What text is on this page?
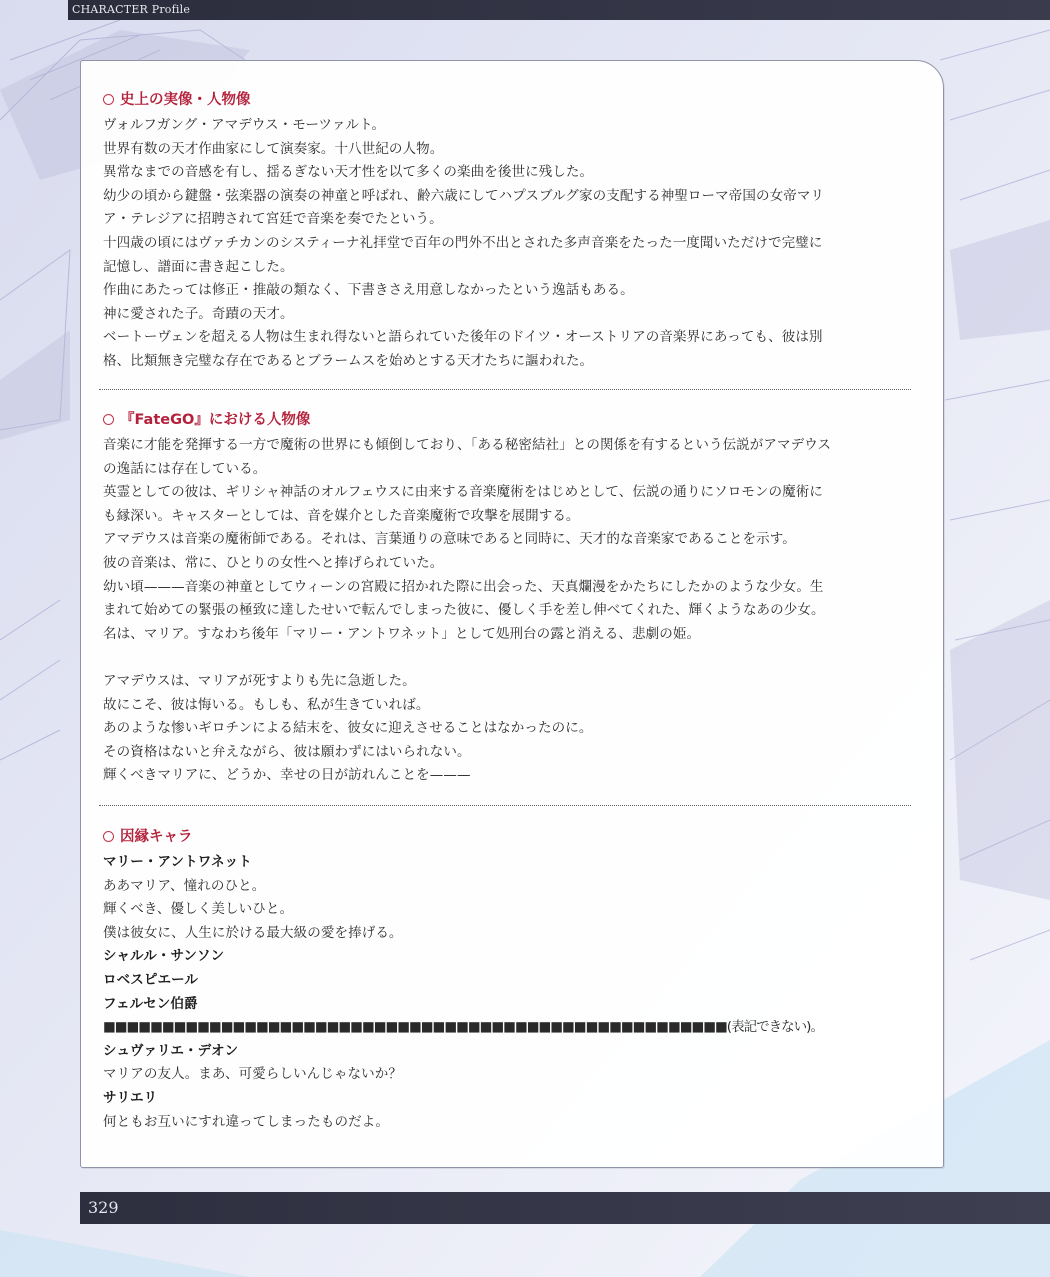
CHARACTER Profile
史上の実像・人物像
ヴォルフガング・アマデウス・モーツァルト。
世界有数の天才作曲家にして演奏家。十八世紀の人物。
異常なまでの音感を有し、揺るぎない天才性を以て多くの楽曲を後世に残した。
幼少の頃から鍵盤・弦楽器の演奏の神童と呼ばれ、齢六歳にしてハプスブルグ家の支配する神聖ローマ帝国の女帝マリ
ア・テレジアに招聘されて宮廷で音楽を奏でたという。
十四歳の頃にはヴァチカンのシスティーナ礼拝堂で百年の門外不出とされた多声音楽をたった一度聞いただけで完璧に
記憶し、譜面に書き起こした。
作曲にあたっては修正・推敲の類なく、下書きさえ用意しなかったという逸話もある。
神に愛された子。奇蹟の天才。
ベートーヴェンを超える人物は生まれ得ないと語られていた後年のドイツ・オーストリアの音楽界にあっても、彼は別
格、比類無き完璧な存在であるとブラームスを始めとする天才たちに謳われた。
『FateGO』における人物像
音楽に才能を発揮する一方で魔術の世界にも傾倒しており、「ある秘密結社」との関係を有するという伝説がアマデウス
の逸話には存在している。
英霊としての彼は、ギリシャ神話のオルフェウスに由来する音楽魔術をはじめとして、伝説の通りにソロモンの魔術に
も縁深い。キャスターとしては、音を媒介とした音楽魔術で攻撃を展開する。
アマデウスは音楽の魔術師である。それは、言葉通りの意味であると同時に、天才的な音楽家であることを示す。
彼の音楽は、常に、ひとりの女性へと捧げられていた。
幼い頃———音楽の神童としてウィーンの宮殿に招かれた際に出会った、天真爛漫をかたちにしたかのような少女。生
まれて始めての緊張の極致に達したせいで転んでしまった彼に、優しく手を差し伸べてくれた、輝くようなあの少女。
名は、マリア。すなわち後年「マリー・アントワネット」として処刑台の露と消える、悲劇の姫。
アマデウスは、マリアが死すよりも先に急逝した。
故にこそ、彼は悔いる。もしも、私が生きていれば。
あのような惨いギロチンによる結末を、彼女に迎えさせることはなかったのに。
その資格はないと弁えながら、彼は願わずにはいられない。
輝くべきマリアに、どうか、幸せの日が訪れんことを———
因縁キャラ
マリー・アントワネット
ああマリア、憧れのひと。
輝くべき、優しく美しいひと。
僕は彼女に、人生に於ける最大級の愛を捧げる。
シャルル・サンソン
ロベスピエール
フェルセン伯爵
■■■■■■■■■■■■■■■■■■■■■■■■■■■■■■■■■■■■■■■■■■■■■■■■■■■■■(表記できない)。
シュヴァリエ・デオン
マリアの友人。まあ、可愛らしいんじゃないか？
サリエリ
何ともお互いにすれ違ってしまったものだよ。
329
